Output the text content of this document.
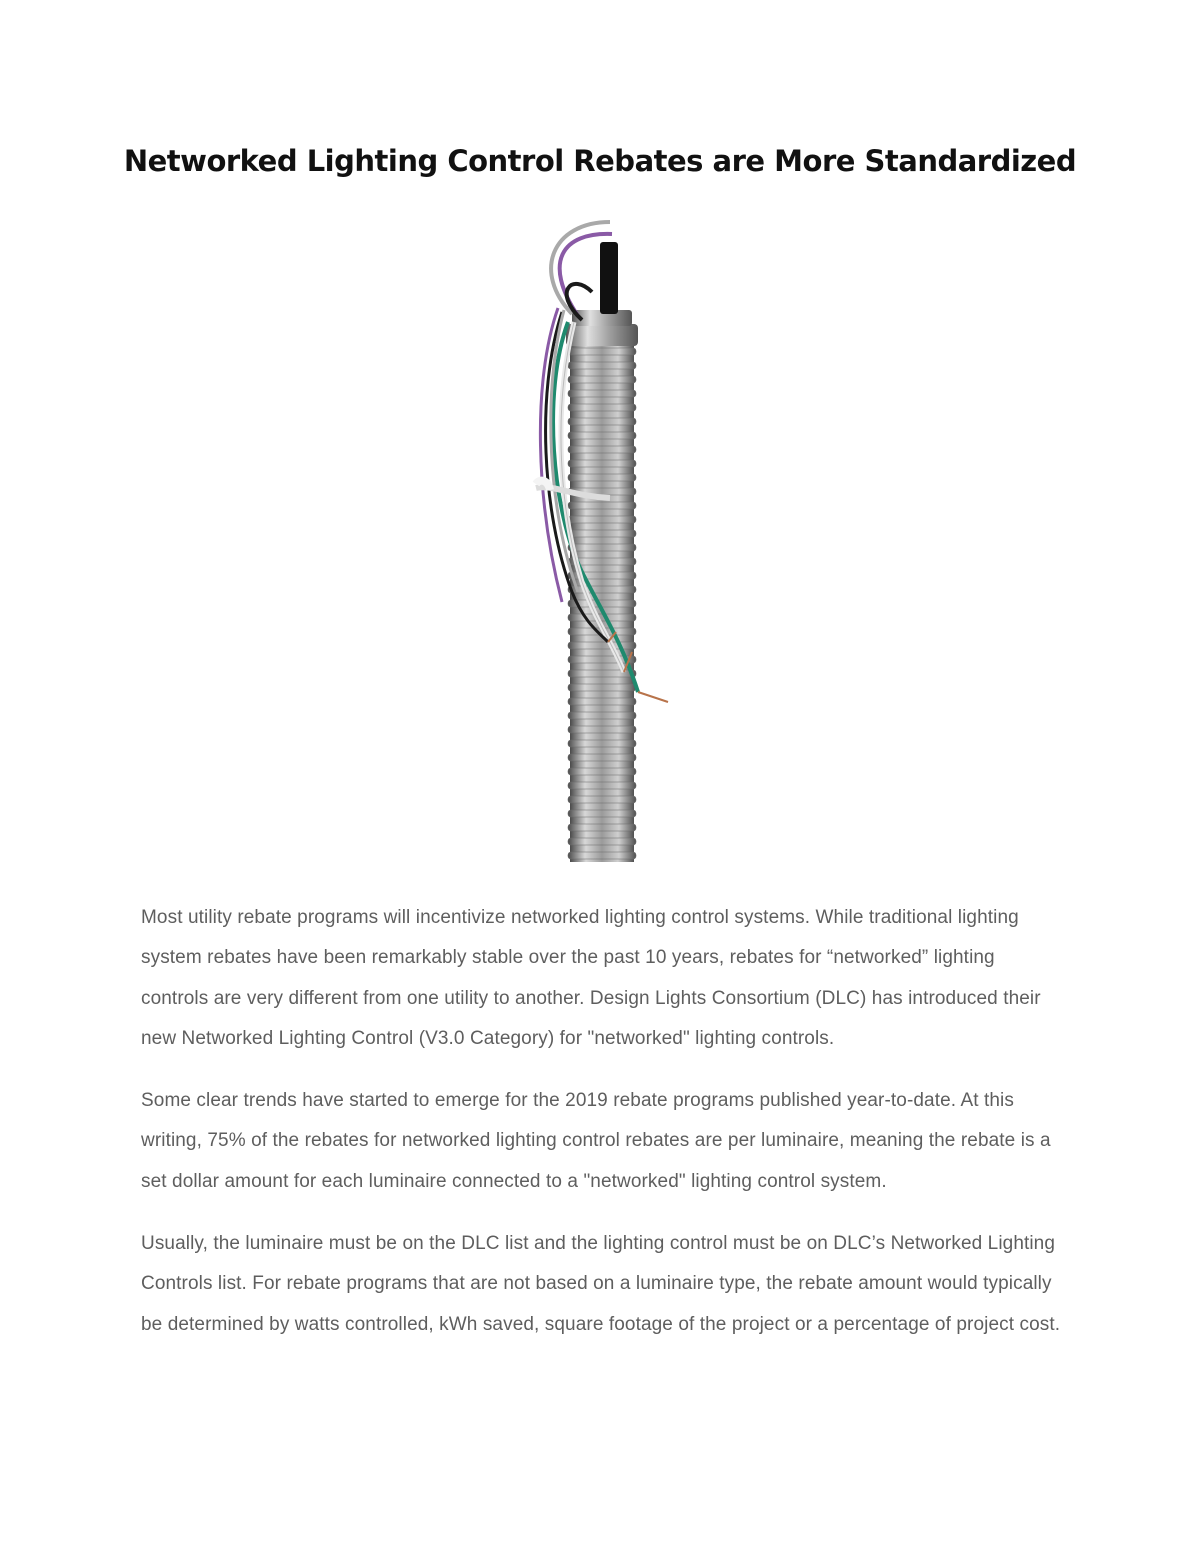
Networked Lighting Control Rebates are More Standardized

Most utility rebate programs will incentivize networked lighting control systems. While traditional lighting system rebates have been remarkably stable over the past 10 years, rebates for “networked” lighting controls are very different from one utility to another. Design Lights Consortium (DLC) has introduced their new Networked Lighting Control (V3.0 Category) for "networked" lighting controls.

Some clear trends have started to emerge for the 2019 rebate programs published year-to-date. At this writing, 75% of the rebates for networked lighting control rebates are per luminaire, meaning the rebate is a set dollar amount for each luminaire connected to a "networked" lighting control system.

Usually, the luminaire must be on the DLC list and the lighting control must be on DLC’s Networked Lighting Controls list. For rebate programs that are not based on a luminaire type, the rebate amount would typically be determined by watts controlled, kWh saved, square footage of the project or a percentage of project cost.
